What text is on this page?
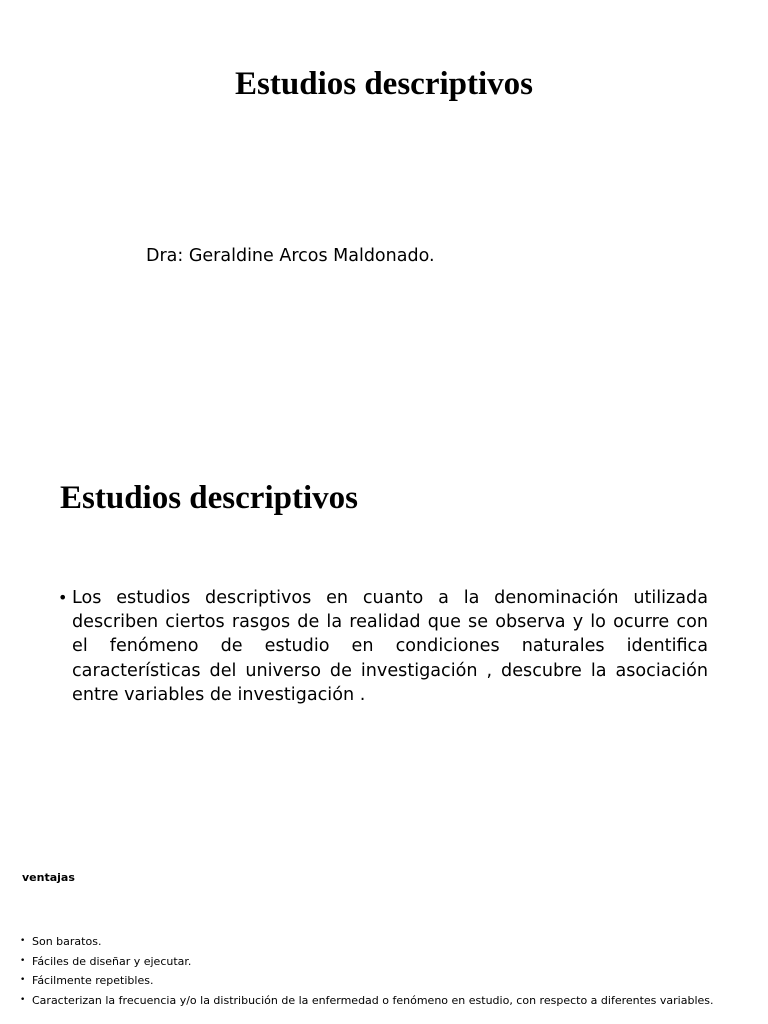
Estudios descriptivos
Dra: Geraldine Arcos Maldonado.
Estudios descriptivos
• Los estudios descriptivos en cuanto a la denominación utilizada describen ciertos rasgos de la realidad que se observa y lo ocurre con el fenómeno de estudio en condiciones naturales identifica características del universo de investigación , descubre la asociación entre variables de investigación .
ventajas
• Son baratos.
• Fáciles de diseñar y ejecutar.
• Fácilmente repetibles.
• Caracterizan la frecuencia y/o la distribución de la enfermedad o fenómeno en estudio, con respecto a diferentes variables.
